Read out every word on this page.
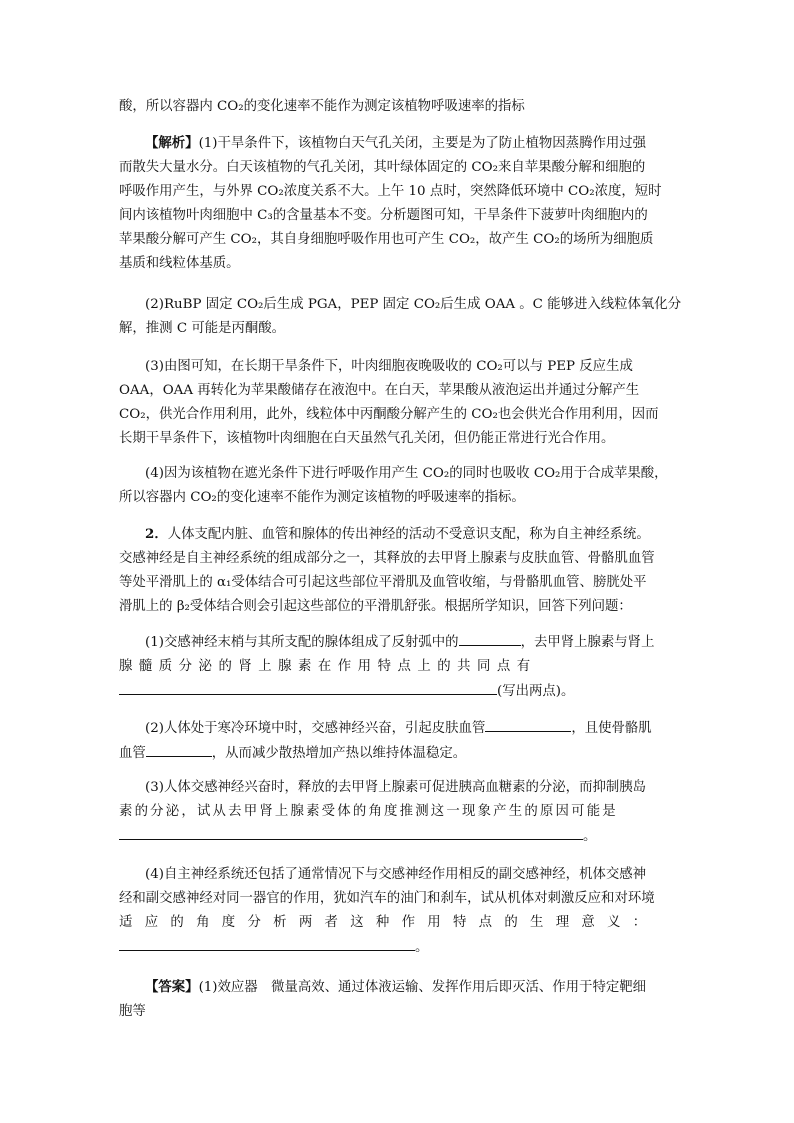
酸，所以容器内 CO₂的变化速率不能作为测定该植物呼吸速率的指标

【解析】(1)干旱条件下，该植物白天气孔关闭，主要是为了防止植物因蒸腾作用过强
而散失大量水分。白天该植物的气孔关闭，其叶绿体固定的 CO₂来自苹果酸分解和细胞的
呼吸作用产生，与外界 CO₂浓度关系不大。上午 10 点时，突然降低环境中 CO₂浓度，短时
间内该植物叶肉细胞中 C₃的含量基本不变。分析题图可知，干旱条件下菠萝叶肉细胞内的
苹果酸分解可产生 CO₂，其自身细胞呼吸作用也可产生 CO₂，故产生 CO₂的场所为细胞质
基质和线粒体基质。

(2)RuBP 固定 CO₂后生成 PGA，PEP 固定 CO₂后生成 OAA 。C 能够进入线粒体氧化分
解，推测 C 可能是丙酮酸。

(3)由图可知，在长期干旱条件下，叶肉细胞夜晚吸收的 CO₂可以与 PEP 反应生成
OAA，OAA 再转化为苹果酸储存在液泡中。在白天，苹果酸从液泡运出并通过分解产生
CO₂，供光合作用利用，此外，线粒体中丙酮酸分解产生的 CO₂也会供光合作用利用，因而
长期干旱条件下，该植物叶肉细胞在白天虽然气孔关闭，但仍能正常进行光合作用。

(4)因为该植物在遮光条件下进行呼吸作用产生 CO₂的同时也吸收 CO₂用于合成苹果酸，
所以容器内 CO₂的变化速率不能作为测定该植物的呼吸速率的指标。

2．人体支配内脏、血管和腺体的传出神经的活动不受意识支配，称为自主神经系统。
交感神经是自主神经系统的组成部分之一，其释放的去甲肾上腺素与皮肤血管、骨骼肌血管
等处平滑肌上的 α₁受体结合可引起这些部位平滑肌及血管收缩，与骨骼肌血管、膀胱处平
滑肌上的 β₂受体结合则会引起这些部位的平滑肌舒张。根据所学知识，回答下列问题：

(1)交感神经末梢与其所支配的腺体组成了反射弧中的	，去甲肾上腺素与肾上
腺髓质分泌的肾上腺素在作用特点上的共同点有
(写出两点)。

(2)人体处于寒冷环境中时，交感神经兴奋，引起皮肤血管	，且使骨骼肌
血管	，从而减少散热增加产热以维持体温稳定。

(3)人体交感神经兴奋时，释放的去甲肾上腺素可促进胰高血糖素的分泌，而抑制胰岛
素的分泌，试从去甲肾上腺素受体的角度推测这一现象产生的原因可能是
。

(4)自主神经系统还包括了通常情况下与交感神经作用相反的副交感神经，机体交感神
经和副交感神经对同一器官的作用，犹如汽车的油门和刹车，试从机体对刺激反应和对环境
适应的角度分析两者这种作用特点的生理意义：
。

【答案】(1)效应器　微量高效、通过体液运输、发挥作用后即灭活、作用于特定靶细
胞等
